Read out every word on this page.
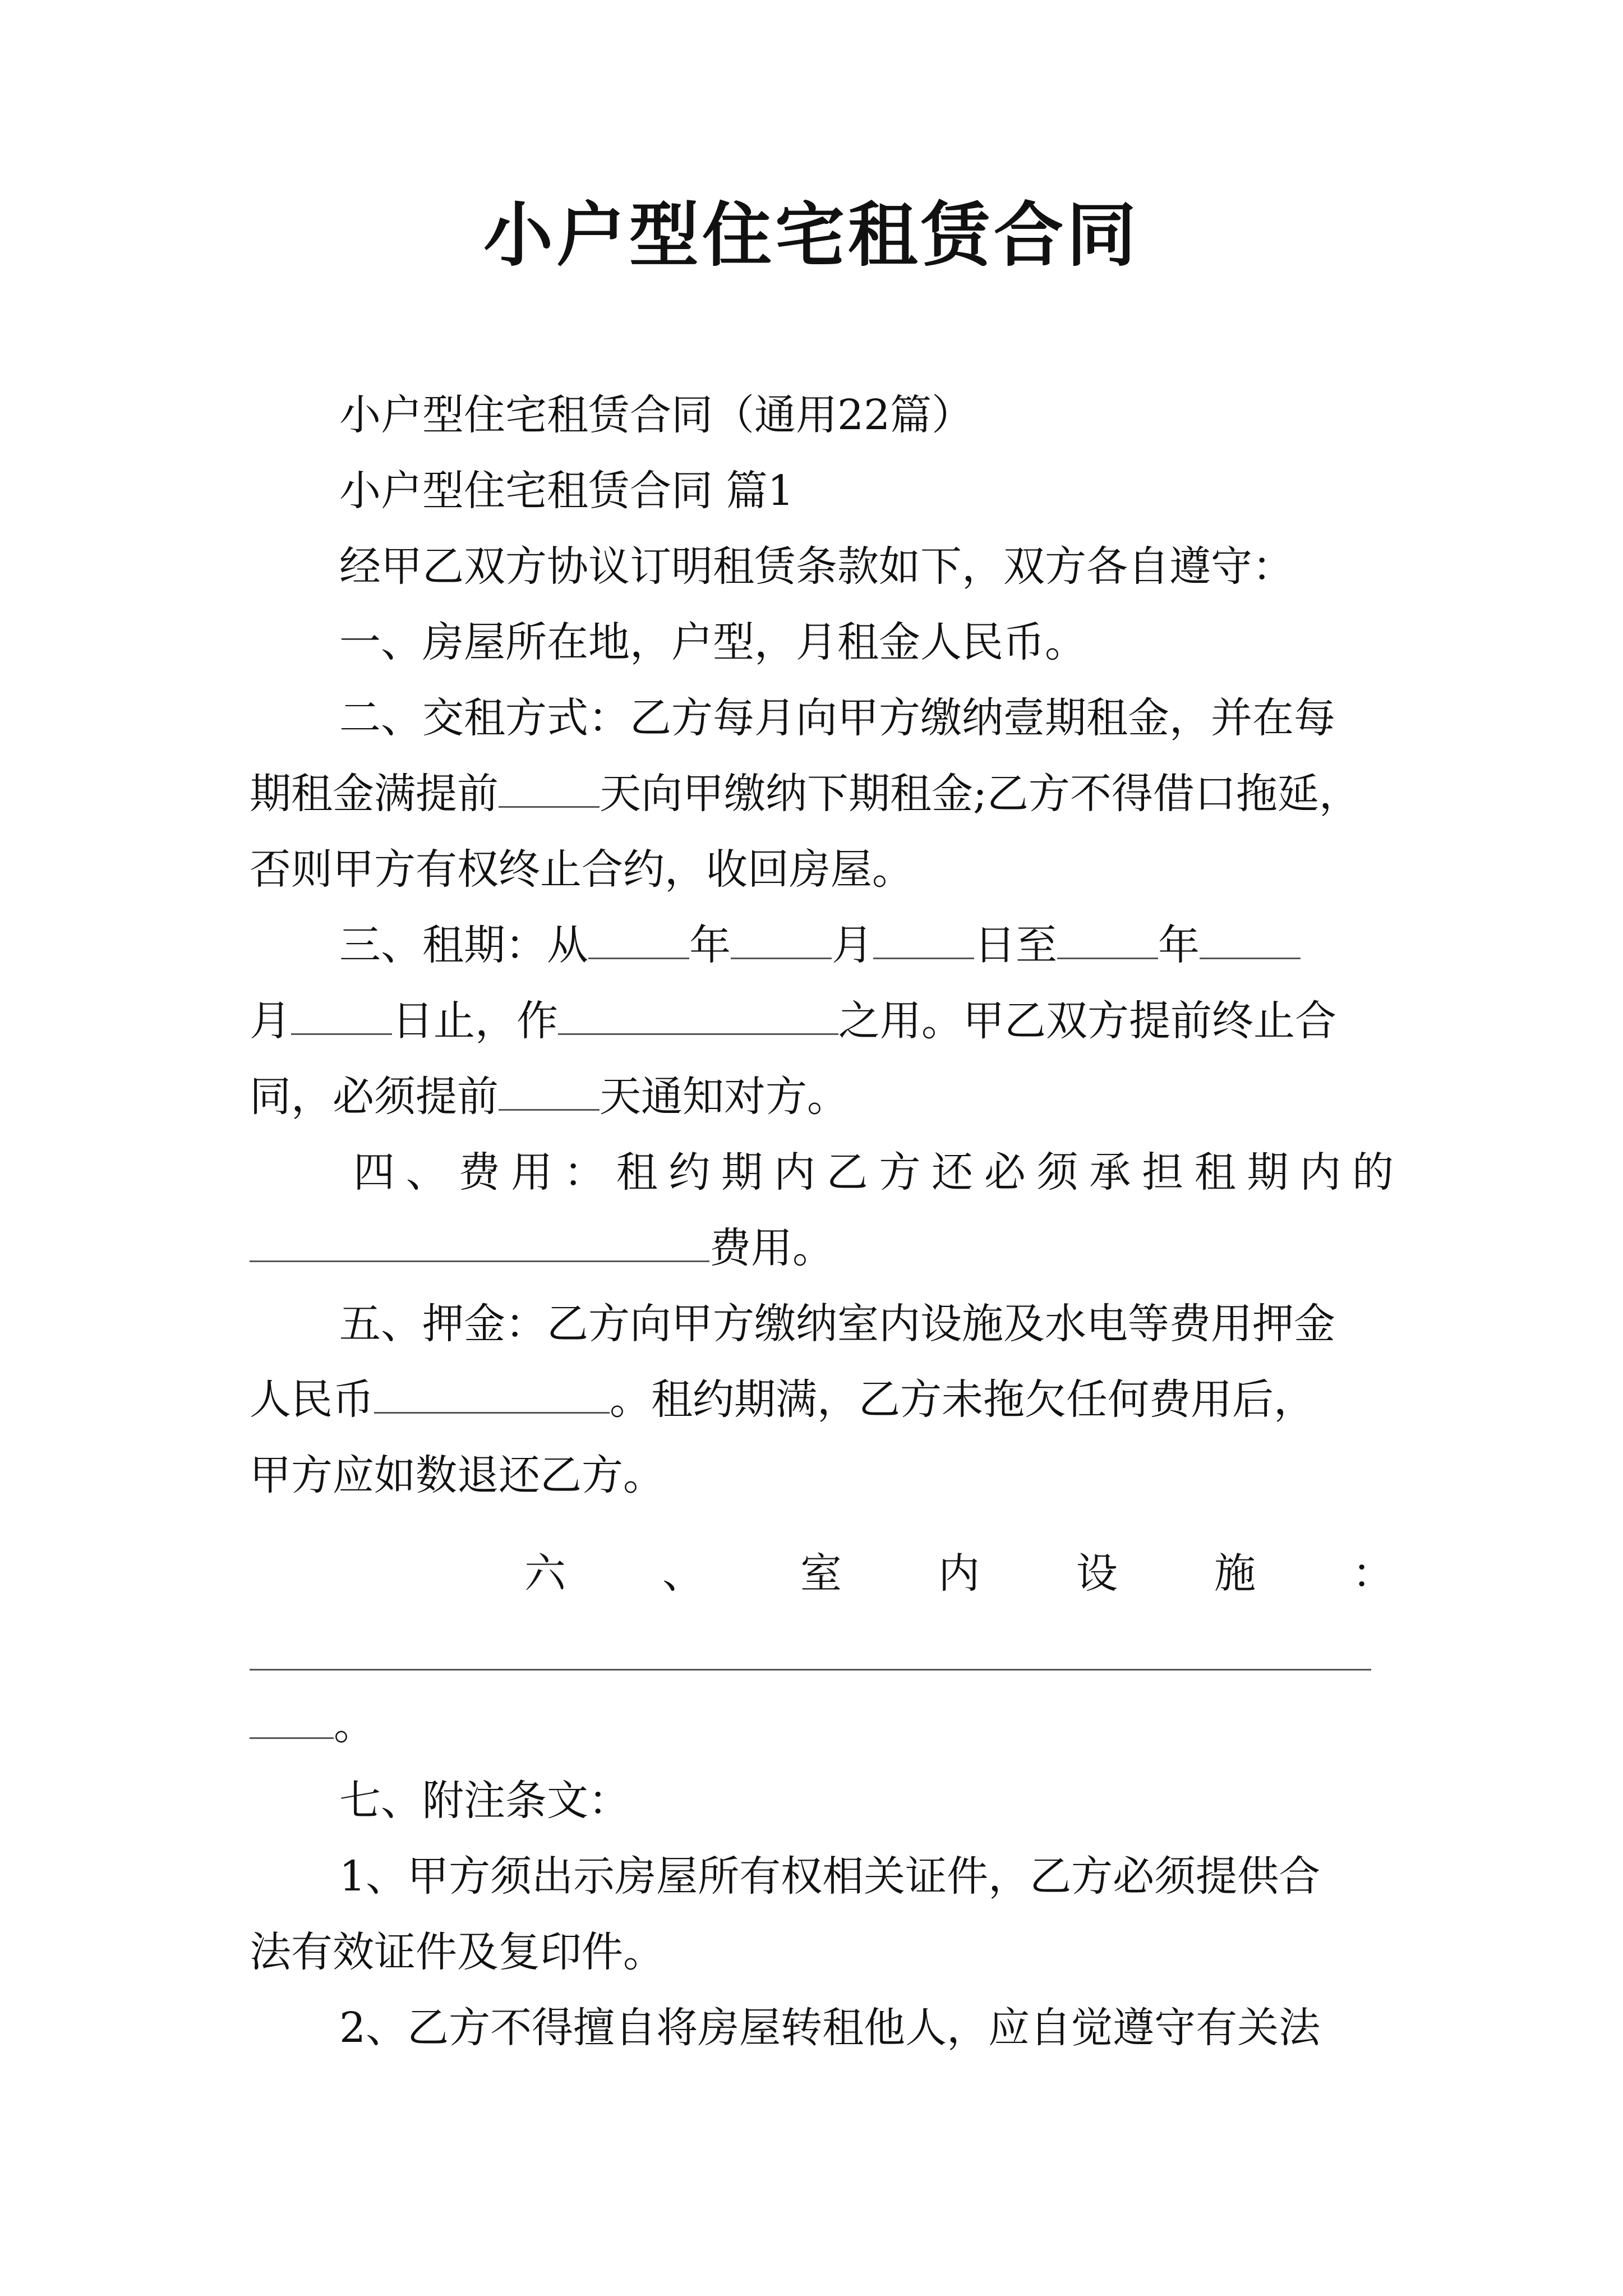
小户型住宅租赁合同
小户型住宅租赁合同（通用22篇）
小户型住宅租赁合同 篇1
经甲乙双方协议订明租赁条款如下，双方各自遵守：
一、房屋所在地，户型，月租金人民币。
二、交租方式：乙方每月向甲方缴纳壹期租金，并在每
期租金满提前 天向甲缴纳下期租金;乙方不得借口拖延，
否则甲方有权终止合约，收回房屋。
三、租期：从 年 月 日至 年
月 日止，作	之用。甲乙双方提前终止合
同，必须提前 天通知对方。
四 、 费 用 ： 租 约 期 内 乙 方 还 必 须 承 担 租 期 内 的
费用。
五、押金：乙方向甲方缴纳室内设施及水电等费用押金
人民币	。租约期满，乙方未拖欠任何费用后，
甲方应如数退还乙方。
六 、 室 内 设 施 ：
。
七、附注条文：
1、甲方须出示房屋所有权相关证件，乙方必须提供合
法有效证件及复印件。
2、乙方不得擅自将房屋转租他人，应自觉遵守有关法
